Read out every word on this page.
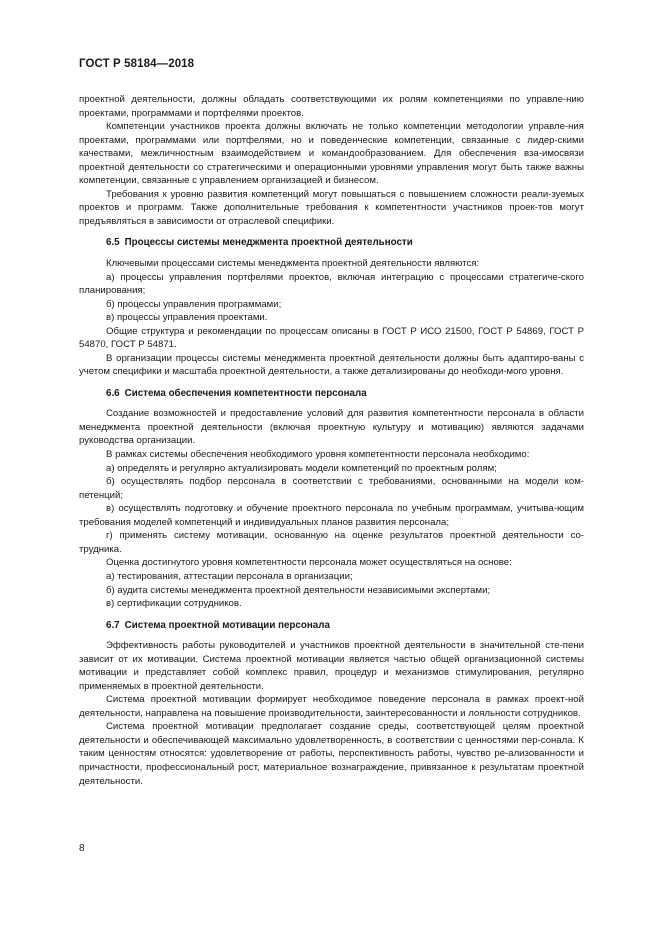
ГОСТ Р 58184—2018

проектной деятельности, должны обладать соответствующими их ролям компетенциями по управле-нию проектами, программами и портфелями проектов.

Компетенции участников проекта должны включать не только компетенции методологии управле-ния проектами, программами или портфелями, но и поведенческие компетенции, связанные с лидер-скими качествами, межличностным взаимодействием и командообразованием. Для обеспечения вза-имосвязи проектной деятельности со стратегическими и операционными уровнями управления могут быть также важны компетенции, связанные с управлением организацией и бизнесом.

Требования к уровню развития компетенций могут повышаться с повышением сложности реали-зуемых проектов и программ. Также дополнительные требования к компетентности участников проек-тов могут предъявляться в зависимости от отраслевой специфики.

6.5 Процессы системы менеджмента проектной деятельности

Ключевыми процессами системы менеджмента проектной деятельности являются:

а) процессы управления портфелями проектов, включая интеграцию с процессами стратегиче-ского планирования;

б) процессы управления программами;

в) процессы управления проектами.

Общие структура и рекомендации по процессам описаны в ГОСТ Р ИСО 21500, ГОСТ Р 54869, ГОСТ Р 54870, ГОСТ Р 54871.

В организации процессы системы менеджмента проектной деятельности должны быть адаптиро-ваны с учетом специфики и масштаба проектной деятельности, а также детализированы до необходи-мого уровня.

6.6 Система обеспечения компетентности персонала

Создание возможностей и предоставление условий для развития компетентности персонала в области менеджмента проектной деятельности (включая проектную культуру и мотивацию) являются задачами руководства организации.

В рамках системы обеспечения необходимого уровня компетентности персонала необходимо:

а) определять и регулярно актуализировать модели компетенций по проектным ролям;

б) осуществлять подбор персонала в соответствии с требованиями, основанными на модели ком-петенций;

в) осуществлять подготовку и обучение проектного персонала по учебным программам, учитыва-ющим требования моделей компетенций и индивидуальных планов развития персонала;

г) применять систему мотивации, основанную на оценке результатов проектной деятельности со-трудника.

Оценка достигнутого уровня компетентности персонала может осуществляться на основе:

а) тестирования, аттестации персонала в организации;

б) аудита системы менеджмента проектной деятельности независимыми экспертами;

в) сертификации сотрудников.

6.7 Система проектной мотивации персонала

Эффективность работы руководителей и участников проектной деятельности в значительной сте-пени зависит от их мотивации. Система проектной мотивации является частью общей организационной системы мотивации и представляет собой комплекс правил, процедур и механизмов стимулирования, регулярно применяемых в проектной деятельности.

Система проектной мотивации формирует необходимое поведение персонала в рамках проект-ной деятельности, направлена на повышение производительности, заинтересованности и лояльности сотрудников.

Система проектной мотивации предполагает создание среды, соответствующей целям проектной деятельности и обеспечивающей максимально удовлетворенность, в соответствии с ценностями пер-сонала. К таким ценностям относятся: удовлетворение от работы, перспективность работы, чувство ре-ализованности и причастности, профессиональный рост, материальное вознаграждение, привязанное к результатам проектной деятельности.

8
